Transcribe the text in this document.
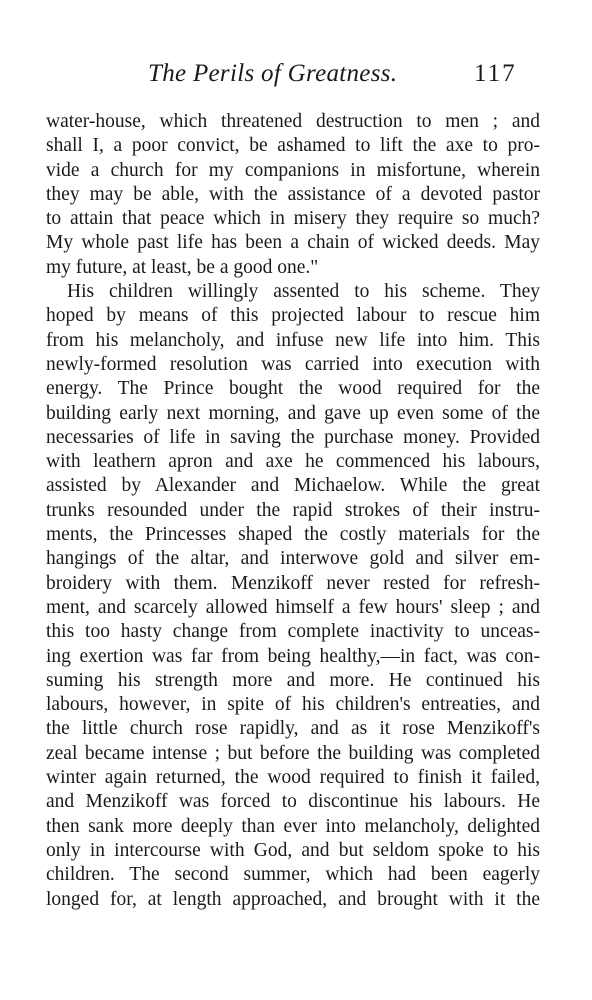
The Perils of Greatness.	117
water-house, which threatened destruction to men ; and
shall I, a poor convict, be ashamed to lift the axe to pro-
vide a church for my companions in misfortune, wherein
they may be able, with the assistance of a devoted pastor
to attain that peace which in misery they require so much?
My whole past life has been a chain of wicked deeds. May
my future, at least, be a good one."
His children willingly assented to his scheme. They
hoped by means of this projected labour to rescue him
from his melancholy, and infuse new life into him. This
newly-formed resolution was carried into execution with
energy. The Prince bought the wood required for the
building early next morning, and gave up even some of the
necessaries of life in saving the purchase money. Provided
with leathern apron and axe he commenced his labours,
assisted by Alexander and Michaelow. While the great
trunks resounded under the rapid strokes of their instru-
ments, the Princesses shaped the costly materials for the
hangings of the altar, and interwove gold and silver em-
broidery with them. Menzikoff never rested for refresh-
ment, and scarcely allowed himself a few hours' sleep ; and
this too hasty change from complete inactivity to unceas-
ing exertion was far from being healthy,—in fact, was con-
suming his strength more and more. He continued his
labours, however, in spite of his children's entreaties, and
the little church rose rapidly, and as it rose Menzikoff's
zeal became intense ; but before the building was completed
winter again returned, the wood required to finish it failed,
and Menzikoff was forced to discontinue his labours. He
then sank more deeply than ever into melancholy, delighted
only in intercourse with God, and but seldom spoke to his
children. The second summer, which had been eagerly
longed for, at length approached, and brought with it the
